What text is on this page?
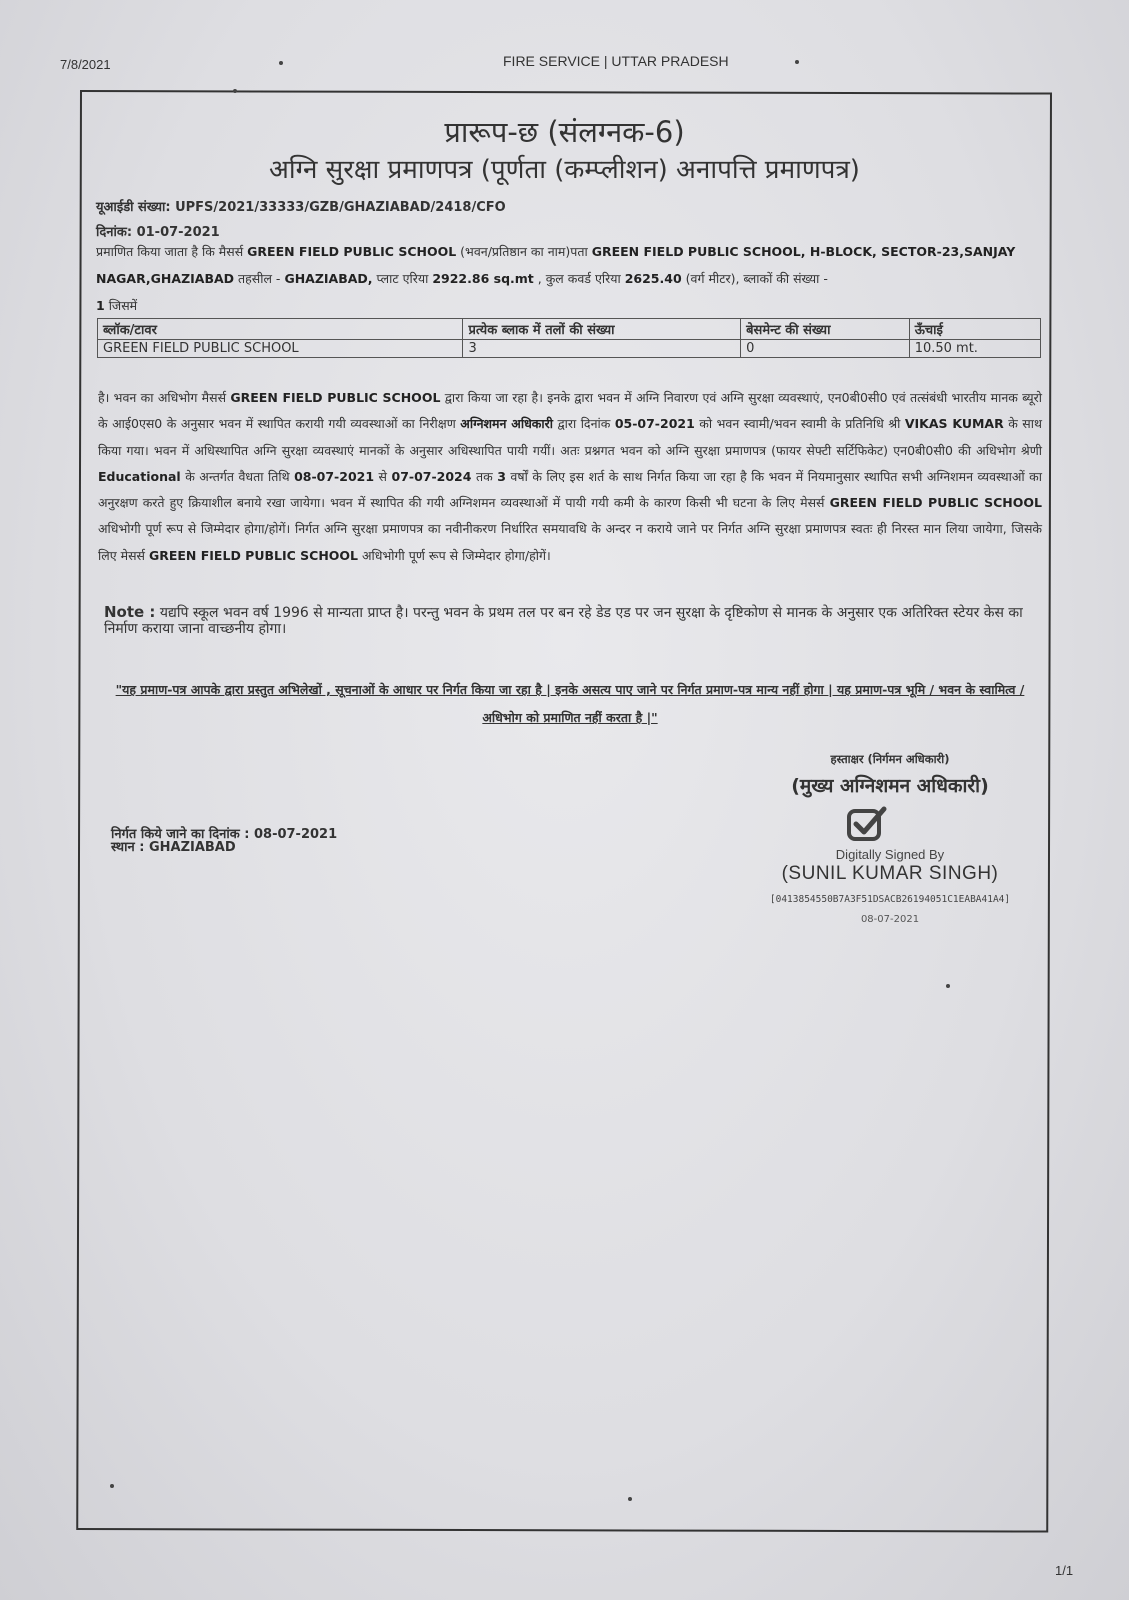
7/8/2021	FIRE SERVICE | UTTAR PRADESH
1/1
प्रारूप-छ (संलग्नक-6)
अग्नि सुरक्षा प्रमाणपत्र (पूर्णता (कम्प्लीशन) अनापत्ति प्रमाणपत्र)
यूआईडी संख्या: UPFS/2021/33333/GZB/GHAZIABAD/2418/CFO
दिनांक: 01-07-2021
प्रमाणित किया जाता है कि मैसर्स GREEN FIELD PUBLIC SCHOOL (भवन/प्रतिष्ठान का नाम)पता GREEN FIELD PUBLIC SCHOOL, H-BLOCK, SECTOR-23,SANJAY NAGAR,GHAZIABAD तहसील - GHAZIABAD, प्लाट एरिया 2922.86 sq.mt , कुल कवर्ड एरिया 2625.40 (वर्ग मीटर), ब्लाकों की संख्या -
1 जिसमें
ब्लॉक/टावर	प्रत्येक ब्लाक में तलों की संख्या	बेसमेन्ट की संख्या	ऊँचाई
GREEN FIELD PUBLIC SCHOOL	3	0	10.50 mt.
है। भवन का अधिभोग मैसर्स GREEN FIELD PUBLIC SCHOOL द्वारा किया जा रहा है। इनके द्वारा भवन में अग्नि निवारण एवं अग्नि सुरक्षा व्यवस्थाएं, एन0बी0सी0 एवं तत्संबंधी भारतीय मानक ब्यूरो के आई0एस0 के अनुसार भवन में स्थापित करायी गयी व्यवस्थाओं का निरीक्षण अग्निशमन अधिकारी द्वारा दिनांक 05-07-2021 को भवन स्वामी/भवन स्वामी के प्रतिनिधि श्री VIKAS KUMAR के साथ किया गया। भवन में अधिस्थापित अग्नि सुरक्षा व्यवस्थाएं मानकों के अनुसार अधिस्थापित पायी गयीं। अतः प्रश्नगत भवन को अग्नि सुरक्षा प्रमाणपत्र (फायर सेफ्टी सर्टिफिकेट) एन0बी0सी0 की अधिभोग श्रेणी Educational के अन्तर्गत वैधता तिथि 08-07-2021 से 07-07-2024 तक 3 वर्षों के लिए इस शर्त के साथ निर्गत किया जा रहा है कि भवन में नियमानुसार स्थापित सभी अग्निशमन व्यवस्थाओं का अनुरक्षण करते हुए क्रियाशील बनाये रखा जायेगा। भवन में स्थापित की गयी अग्निशमन व्यवस्थाओं में पायी गयी कमी के कारण किसी भी घटना के लिए मेसर्स GREEN FIELD PUBLIC SCHOOL अधिभोगी पूर्ण रूप से जिम्मेदार होगा/होगें। निर्गत अग्नि सुरक्षा प्रमाणपत्र का नवीनीकरण निर्धारित समयावधि के अन्दर न कराये जाने पर निर्गत अग्नि सुरक्षा प्रमाणपत्र स्वतः ही निरस्त मान लिया जायेगा, जिसके लिए मेसर्स GREEN FIELD PUBLIC SCHOOL अधिभोगी पूर्ण रूप से जिम्मेदार होगा/होगें।
Note : यद्यपि स्कूल भवन वर्ष 1996 से मान्यता प्राप्त है। परन्तु भवन के प्रथम तल पर बन रहे डेड एड पर जन सुरक्षा के दृष्टिकोण से मानक के अनुसार एक अतिरिक्त स्टेयर केस का निर्माण कराया जाना वाच्छनीय होगा।
"यह प्रमाण-पत्र आपके द्वारा प्रस्तुत अभिलेखों , सूचनाओं के आधार पर निर्गत किया जा रहा है | इनके असत्य पाए जाने पर निर्गत प्रमाण-पत्र मान्य नहीं होगा | यह प्रमाण-पत्र भूमि / भवन के स्वामित्व / अधिभोग को प्रमाणित नहीं करता है |"
हस्ताक्षर (निर्गमन अधिकारी)
(मुख्य अग्निशमन अधिकारी)
Digitally Signed By
(SUNIL KUMAR SINGH)
[0413854550B7A3F51DSACB26194051C1EABA41A4]
08-07-2021
निर्गत किये जाने का दिनांक : 08-07-2021
स्थान : GHAZIABAD
